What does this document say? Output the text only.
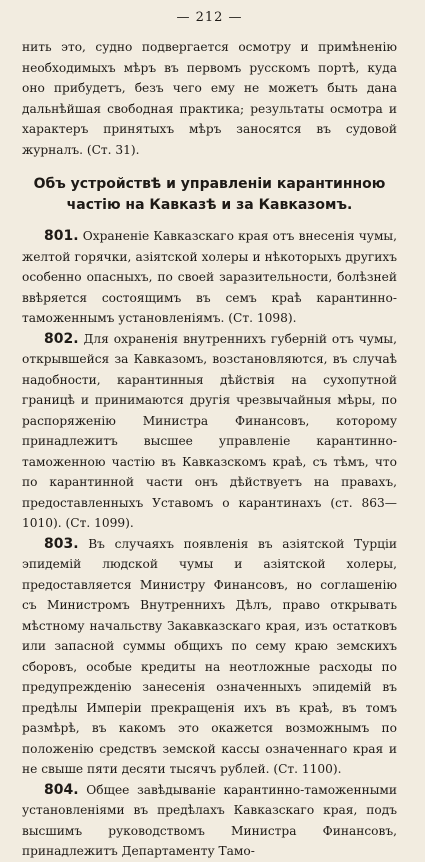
— 212 —

нить это, судно подвергается осмотру и примѣненію необходимыхъ мѣръ въ первомъ русскомъ портѣ, куда оно прибудетъ, безъ чего ему не можетъ быть дана дальнѣйшая свободная практика; результаты осмотра и характеръ принятыхъ мѣръ заносятся въ судовой журналъ. (Ст. 31).

Объ устройствѣ и управленіи карантинною частію на Кавказѣ и за Кавказомъ.

801. Охраненіе Кавказскаго края отъ внесенія чумы, желтой горячки, азіятской холеры и нѣкоторыхъ другихъ особенно опасныхъ, по своей заразительности, болѣзней ввѣряется состоящимъ въ семъ краѣ карантинно-таможеннымъ установленіямъ. (Ст. 1098).

802. Для охраненія внутреннихъ губерній отъ чумы, открывшейся за Кавказомъ, возстановляются, въ случаѣ надобности, карантинныя дѣйствія на сухопутной границѣ и принимаются другія чрезвычайныя мѣры, по распоряженію Министра Финансовъ, которому принадлежитъ высшее управленіе карантинно-таможенною частію въ Кавказскомъ краѣ, съ тѣмъ, что по карантинной части онъ дѣйствуетъ на правахъ, предоставленныхъ Уставомъ о карантинахъ (ст. 863—1010). (Ст. 1099).

803. Въ случаяхъ появленія въ азіятской Турціи эпидемій людской чумы и азіятской холеры, предоставляется Министру Финансовъ, но соглашенію съ Министромъ Внутреннихъ Дѣлъ, право открывать мѣстному начальству Закавказскаго края, изъ остатковъ или запасной суммы общихъ по сему краю земскихъ сборовъ, особые кредиты на неотложные расходы по предупрежденію занесенія означенныхъ эпидемій въ предѣлы Имперіи прекращенія ихъ въ краѣ, въ томъ размѣрѣ, въ какомъ это окажется возможнымъ по положенію средствъ земской кассы означеннаго края и не свыше пяти десяти тысячъ рублей. (Ст. 1100).

804. Общее завѣдываніе карантинно-таможенными установленіями въ предѣлахъ Кавказскаго края, подъ высшимъ руководствомъ Министра Финансовъ, принадлежитъ Департаменту Тамо-
